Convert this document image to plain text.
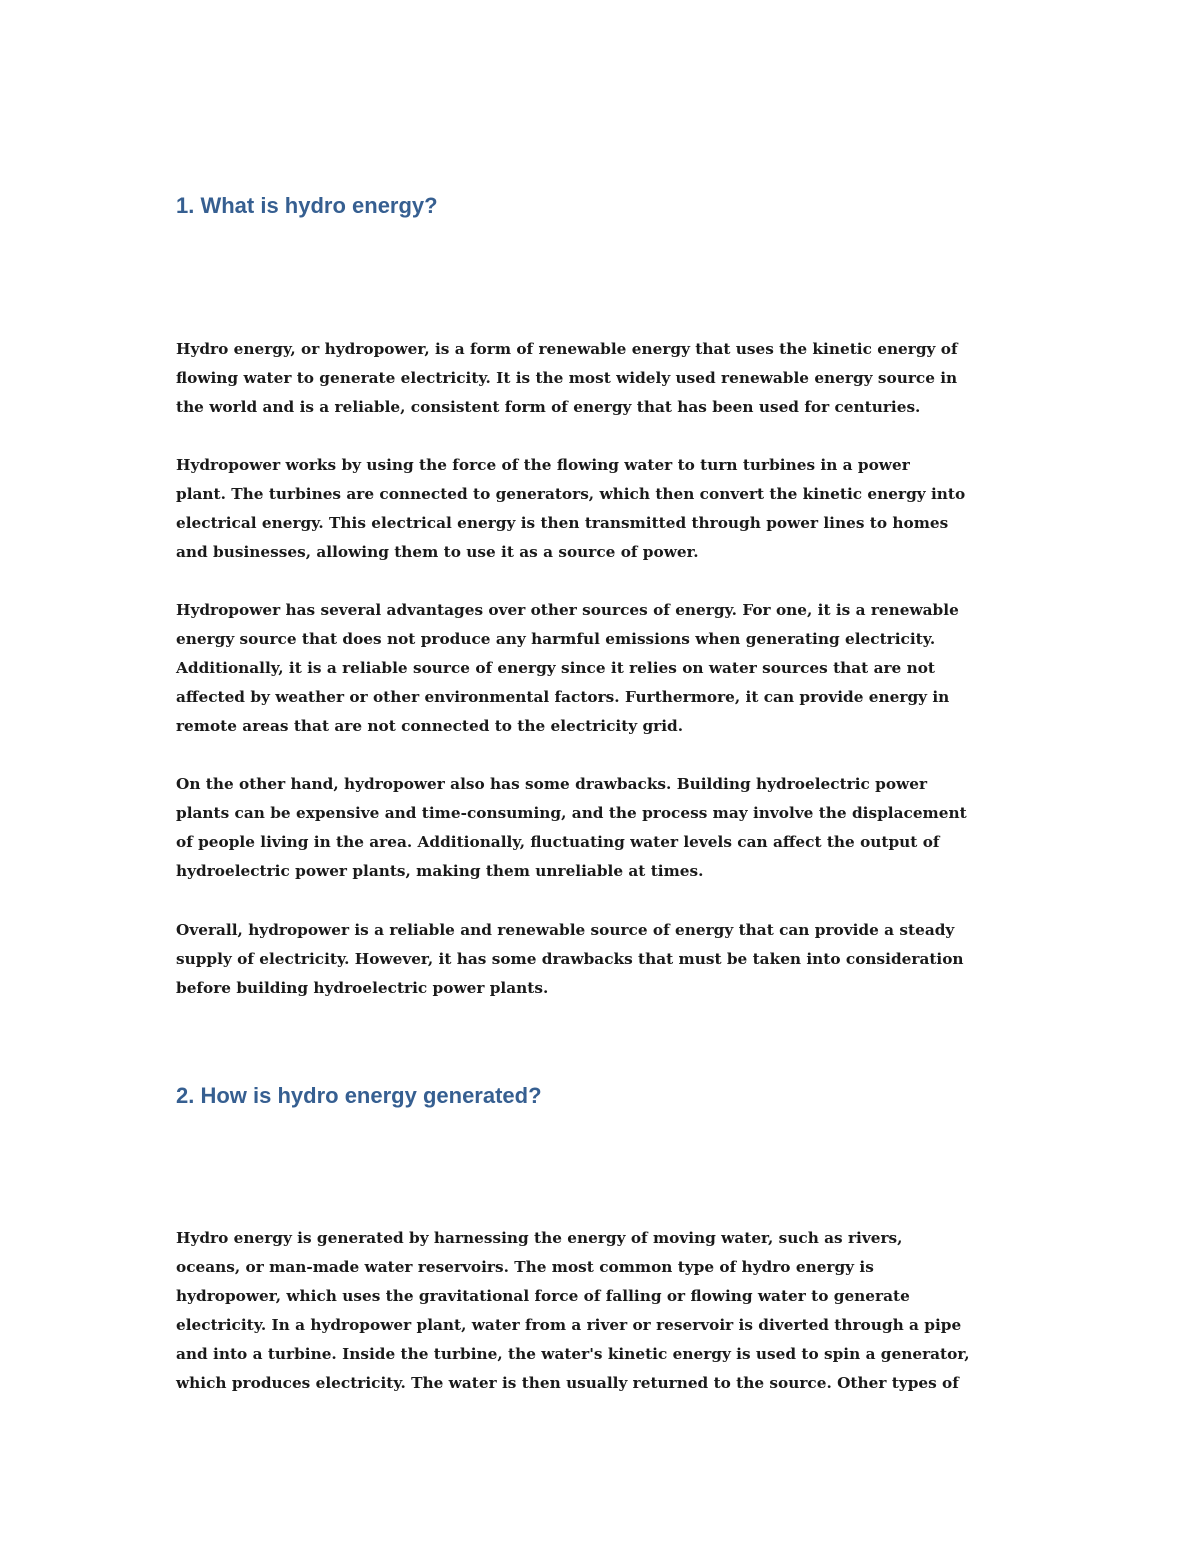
1. What is hydro energy?

Hydro energy, or hydropower, is a form of renewable energy that uses the kinetic energy of
flowing water to generate electricity. It is the most widely used renewable energy source in
the world and is a reliable, consistent form of energy that has been used for centuries.

Hydropower works by using the force of the flowing water to turn turbines in a power
plant. The turbines are connected to generators, which then convert the kinetic energy into
electrical energy. This electrical energy is then transmitted through power lines to homes
and businesses, allowing them to use it as a source of power.

Hydropower has several advantages over other sources of energy. For one, it is a renewable
energy source that does not produce any harmful emissions when generating electricity.
Additionally, it is a reliable source of energy since it relies on water sources that are not
affected by weather or other environmental factors. Furthermore, it can provide energy in
remote areas that are not connected to the electricity grid.

On the other hand, hydropower also has some drawbacks. Building hydroelectric power
plants can be expensive and time-consuming, and the process may involve the displacement
of people living in the area. Additionally, fluctuating water levels can affect the output of
hydroelectric power plants, making them unreliable at times.

Overall, hydropower is a reliable and renewable source of energy that can provide a steady
supply of electricity. However, it has some drawbacks that must be taken into consideration
before building hydroelectric power plants.

2. How is hydro energy generated?

Hydro energy is generated by harnessing the energy of moving water, such as rivers,
oceans, or man-made water reservoirs. The most common type of hydro energy is
hydropower, which uses the gravitational force of falling or flowing water to generate
electricity. In a hydropower plant, water from a river or reservoir is diverted through a pipe
and into a turbine. Inside the turbine, the water's kinetic energy is used to spin a generator,
which produces electricity. The water is then usually returned to the source. Other types of
